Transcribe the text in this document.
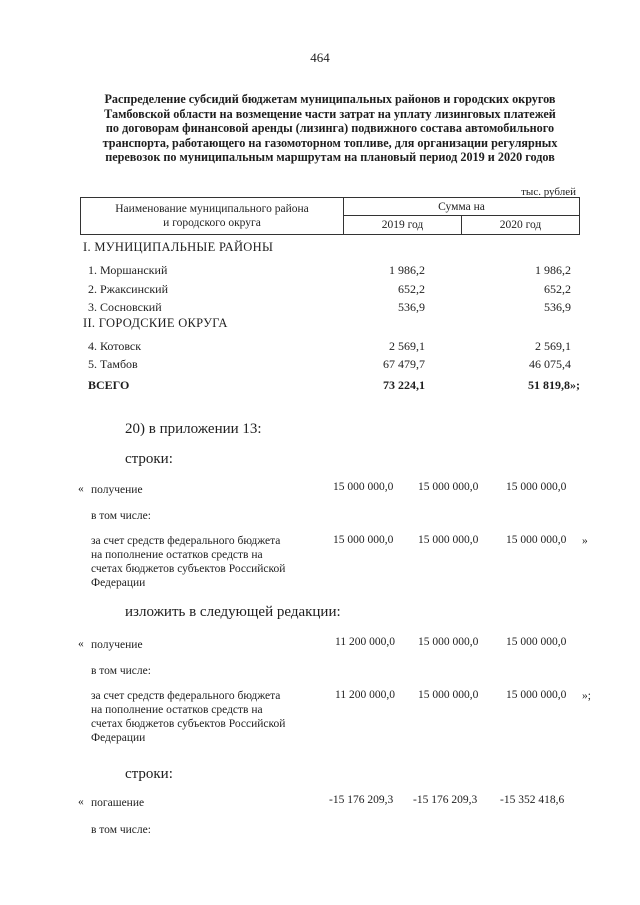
464
Распределение субсидий бюджетам муниципальных районов и городских округов
Тамбовской области на возмещение части затрат на уплату лизинговых платежей
по договорам финансовой аренды (лизинга) подвижного состава автомобильного
транспорта, работающего на газомоторном топливе, для организации регулярных
перевозок по муниципальным маршрутам на плановый период 2019 и 2020 годов
тыс. рублей
Наименование муниципального района
и городского округа	Сумма на	
	2019 год	2020 год
I. МУНИЦИПАЛЬНЫЕ РАЙОНЫ
1. Моршанский	1 986,2	1 986,2
2. Ржаксинский	652,2	652,2
3. Сосновский	536,9	536,9
II. ГОРОДСКИЕ ОКРУГА
4. Котовск	2 569,1	2 569,1
5. Тамбов	67 479,7	46 075,4
ВСЕГО	73 224,1	51 819,8»;
20) в приложении 13:
строки:
« получение	15 000 000,0 15 000 000,0 15 000 000,0
в том числе:
за счет средств федерального бюджета
на пополнение остатков средств на
счетах бюджетов субъектов Российской
Федерации
15 000 000,0 15 000 000,0 15 000 000,0 »
изложить в следующей редакции:
« получение	11 200 000,0 15 000 000,0 15 000 000,0
в том числе:
за счет средств федерального бюджета
на пополнение остатков средств на
счетах бюджетов субъектов Российской
Федерации
11 200 000,0 15 000 000,0 15 000 000,0 »;
строки:
« погашение	-15 176 209,3 -15 176 209,3 -15 352 418,6
в том числе:
